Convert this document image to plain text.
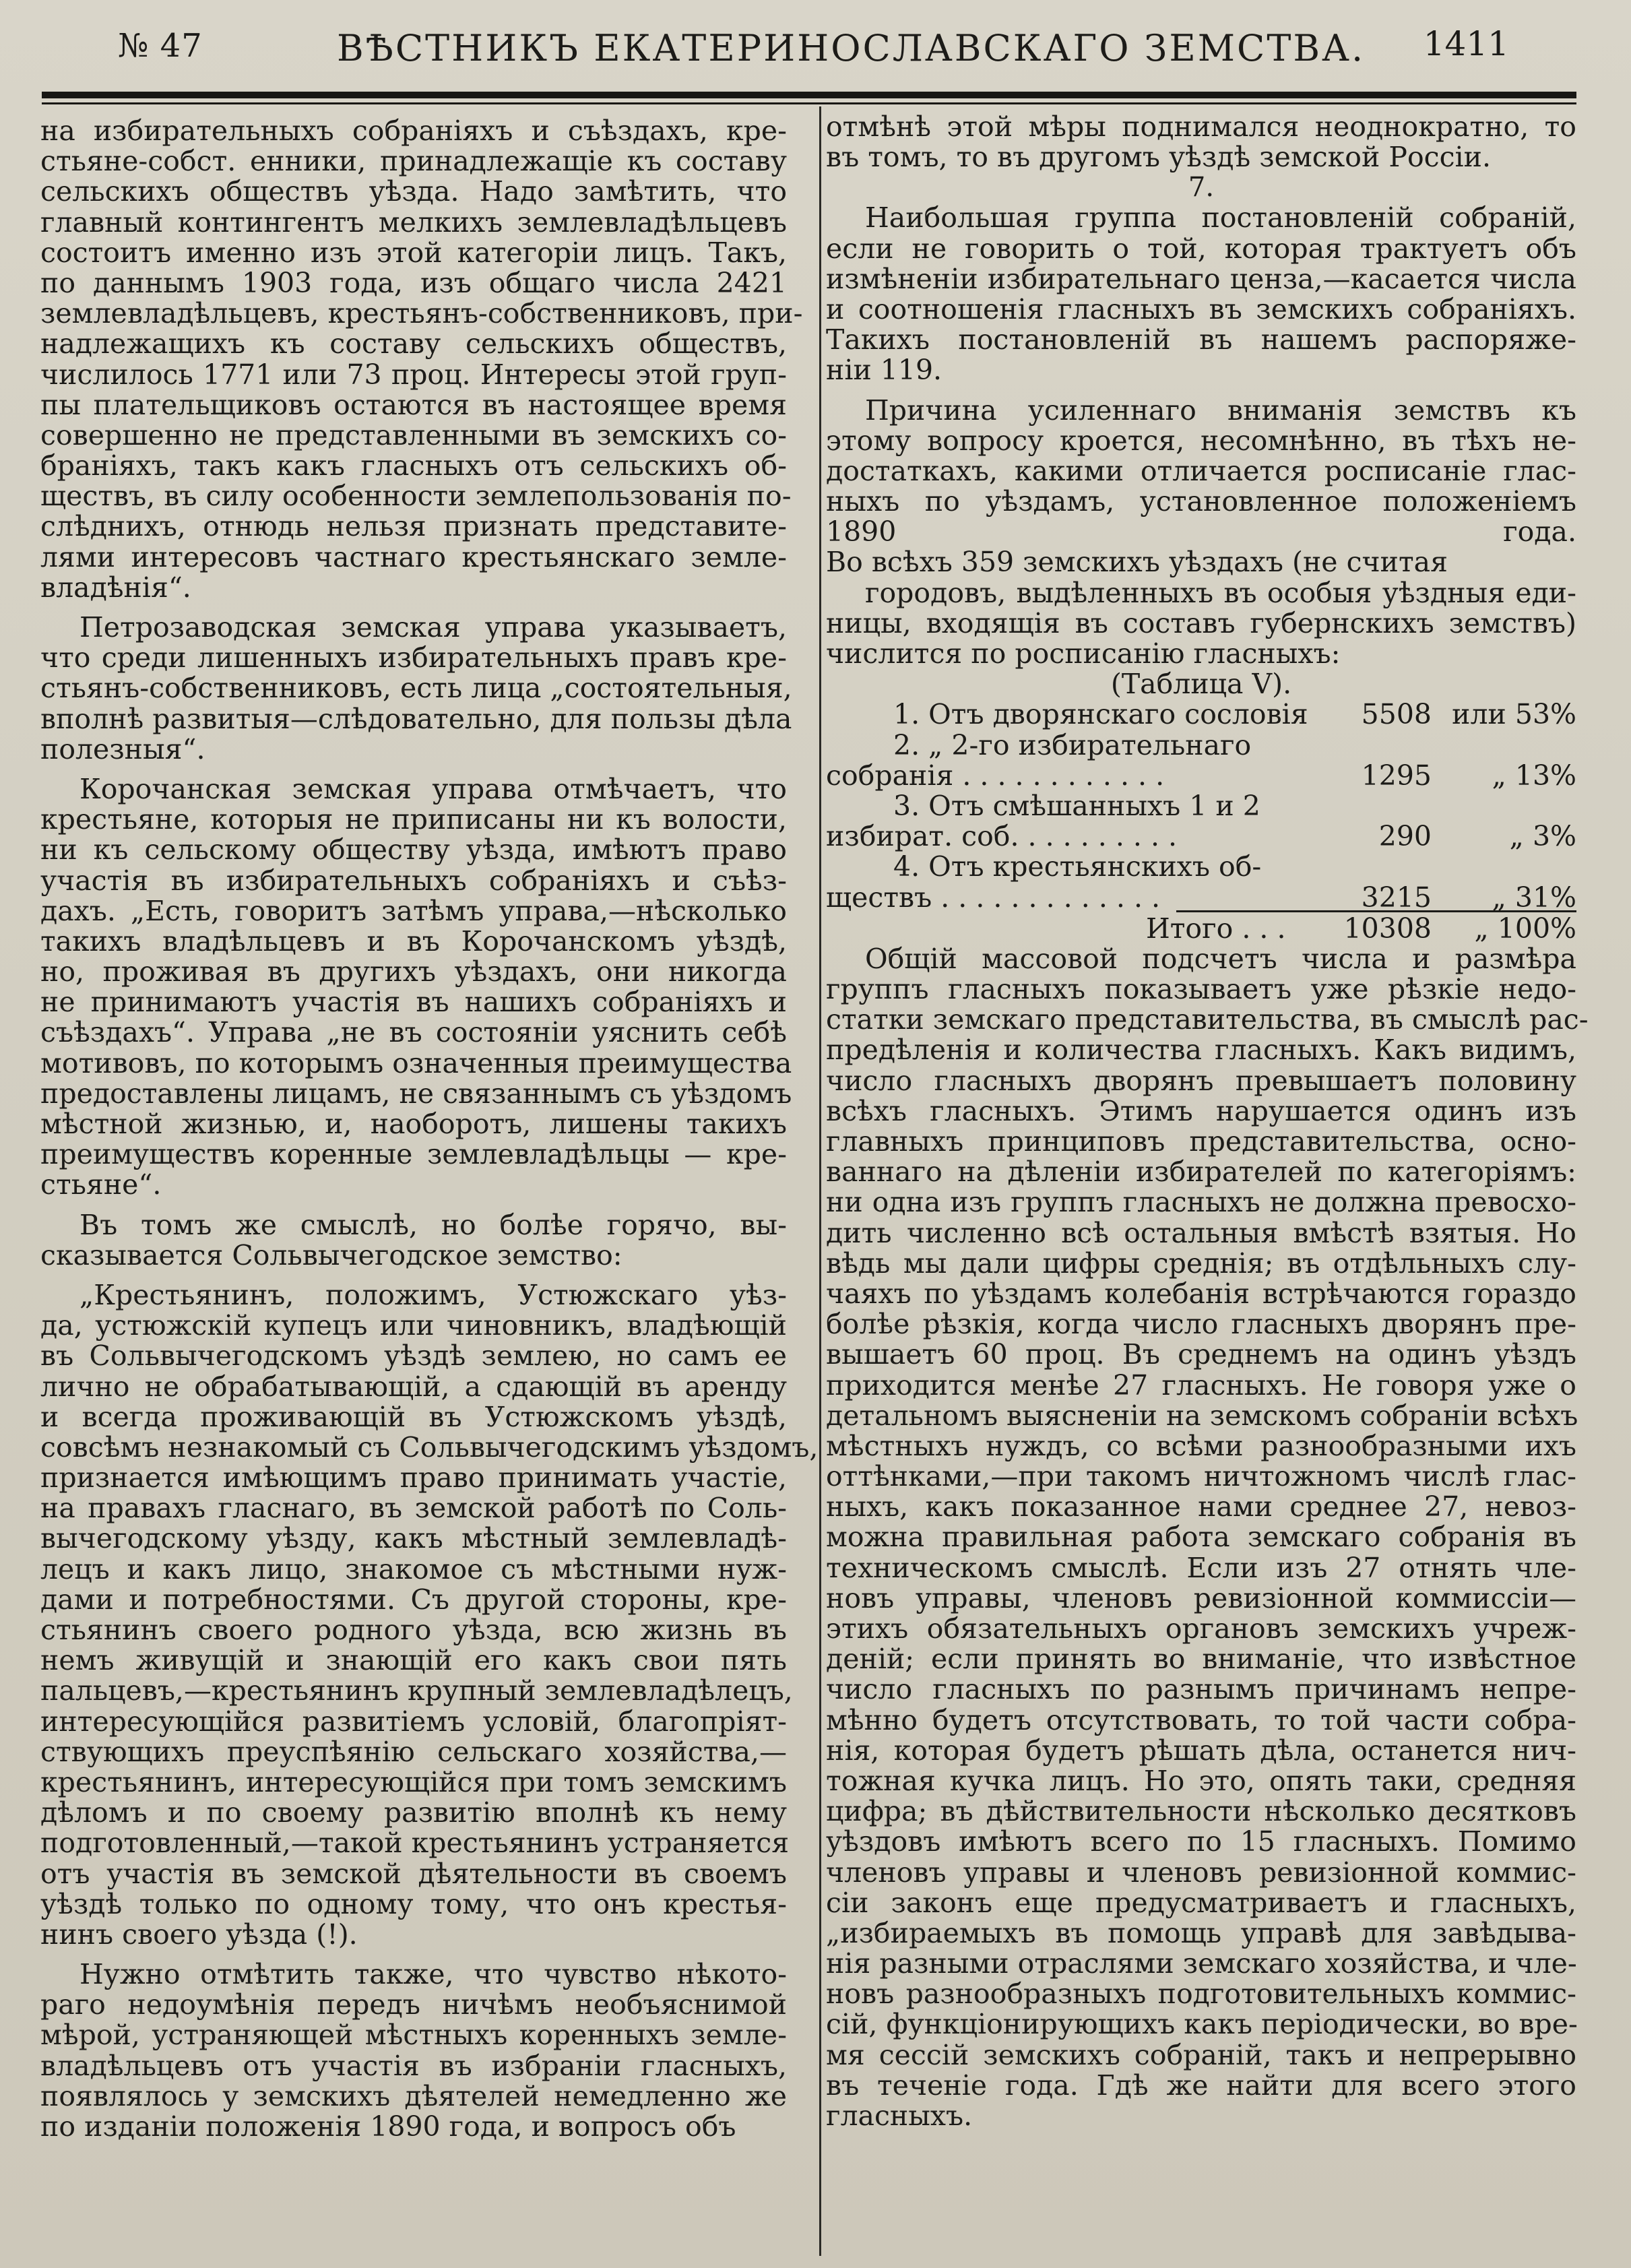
№ 47	ВѢСТНИКЪ ЕКАТЕРИНОСЛАВСКАГО ЗЕМСТВА. 1411
на избирательныхъ собраніяхъ и съѣздахъ, кре-
стьяне-собст. енники, принадлежащіе къ составу
сельскихъ обществъ уѣзда. Надо замѣтить, что
главный контингентъ мелкихъ землевладѣльцевъ
состоитъ именно изъ этой категоріи лицъ. Такъ,
по даннымъ 1903 года, изъ общаго числа 2421
землевладѣльцевъ, крестьянъ-собственниковъ, при-
надлежащихъ къ составу сельскихъ обществъ,
числилось 1771 или 73 проц. Интересы этой груп-
пы плательщиковъ остаются въ настоящее время
совершенно не представленными въ земскихъ со-
браніяхъ, такъ какъ гласныхъ отъ сельскихъ об-
ществъ, въ силу особенности землепользованія по-
слѣднихъ, отнюдь нельзя признать представите-
лями интересовъ частнаго крестьянскаго земле-
владѣнія“.
Петрозаводская земская управа указываетъ,
что среди лишенныхъ избирательныхъ правъ кре-
стьянъ-собственниковъ, есть лица „состоятельныя,
вполнѣ развитыя—слѣдовательно, для пользы дѣла
полезныя“.
Корочанская земская управа отмѣчаетъ, что
крестьяне, которыя не приписаны ни къ волости,
ни къ сельскому обществу уѣзда, имѣютъ право
участія въ избирательныхъ собраніяхъ и съѣз-
дахъ. „Есть, говоритъ затѣмъ управа,—нѣсколько
такихъ владѣльцевъ и въ Корочанскомъ уѣздѣ,
но, проживая въ другихъ уѣздахъ, они никогда
не принимаютъ участія въ нашихъ собраніяхъ и
съѣздахъ“. Управа „не въ состояніи уяснить себѣ
мотивовъ, по которымъ означенныя преимущества
предоставлены лицамъ, не связаннымъ съ уѣздомъ
мѣстной жизнью, и, наоборотъ, лишены такихъ
преимуществъ коренные землевладѣльцы — кре-
стьяне“.
Въ томъ же смыслѣ, но болѣе горячо, вы-
сказывается Сольвычегодское земство:
„Крестьянинъ, положимъ, Устюжскаго уѣз-
да, устюжскій купецъ или чиновникъ, владѣющій
въ Сольвычегодскомъ уѣздѣ землею, но самъ ее
лично не обрабатывающій, а сдающій въ аренду
и всегда проживающій въ Устюжскомъ уѣздѣ,
совсѣмъ незнакомый съ Сольвычегодскимъ уѣздомъ,
признается имѣющимъ право принимать участіе,
на правахъ гласнаго, въ земской работѣ по Соль-
вычегодскому уѣзду, какъ мѣстный землевладѣ-
лецъ и какъ лицо, знакомое съ мѣстными нуж-
дами и потребностями. Съ другой стороны, кре-
стьянинъ своего родного уѣзда, всю жизнь въ
немъ живущій и знающій его какъ свои пять
пальцевъ,—крестьянинъ крупный землевладѣлецъ,
интересующійся развитіемъ условій, благопріят-
ствующихъ преуспѣянію сельскаго хозяйства,—
крестьянинъ, интересующійся при томъ земскимъ
дѣломъ и по своему развитію вполнѣ къ нему
подготовленный,—такой крестьянинъ устраняется
отъ участія въ земской дѣятельности въ своемъ
уѣздѣ только по одному тому, что онъ крестья-
нинъ своего уѣзда (!).
Нужно отмѣтить также, что чувство нѣкото-
раго недоумѣнія передъ ничѣмъ необъяснимой
мѣрой, устраняющей мѣстныхъ коренныхъ земле-
владѣльцевъ отъ участія въ избраніи гласныхъ,
появлялось у земскихъ дѣятелей немедленно же
по изданіи положенія 1890 года, и вопросъ объ
отмѣнѣ этой мѣры поднимался неоднократно, то
въ томъ, то въ другомъ уѣздѣ земской Россіи.
7.
Наибольшая группа постановленій собраній,
если не говорить о той, которая трактуетъ объ
измѣненіи избирательнаго ценза,—касается числа
и соотношенія гласныхъ въ земскихъ собраніяхъ.
Такихъ постановленій въ нашемъ распоряже-
ніи 119.
Причина усиленнаго вниманія земствъ къ
этому вопросу кроется, несомнѣнно, въ тѣхъ не-
достаткахъ, какими отличается росписаніе глас-
ныхъ по уѣздамъ, установленное положеніемъ
1890 года.
Во всѣхъ 359 земскихъ уѣздахъ (не считая
городовъ, выдѣленныхъ въ особыя уѣздныя еди-
ницы, входящія въ составъ губернскихъ земствъ)
числится по росписанію гласныхъ:
(Таблица V).
1. Отъ дворянскаго сословія	5508 или 53%
2. „ 2-го избирательнаго
собранія . . . . . . . . . . . .	1295	„ 13%
3. Отъ смѣшанныхъ 1 и 2
избират. соб. . . . . . . . . .	290	„ 3%
4. Отъ крестьянскихъ об-
ществъ . . . . . . . . . . . . .	3215	„ 31%
Итого . . .	10308	„ 100%
Общій массовой подсчетъ числа и размѣра
группъ гласныхъ показываетъ уже рѣзкіе недо-
статки земскаго представительства, въ смыслѣ рас-
предѣленія и количества гласныхъ. Какъ видимъ,
число гласныхъ дворянъ превышаетъ половину
всѣхъ гласныхъ. Этимъ нарушается одинъ изъ
главныхъ принциповъ представительства, осно-
ваннаго на дѣленіи избирателей по категоріямъ:
ни одна изъ группъ гласныхъ не должна превосхо-
дить численно всѣ остальныя вмѣстѣ взятыя. Но
вѣдь мы дали цифры среднія; въ отдѣльныхъ слу-
чаяхъ по уѣздамъ колебанія встрѣчаются гораздо
болѣе рѣзкія, когда число гласныхъ дворянъ пре-
вышаетъ 60 проц. Въ среднемъ на одинъ уѣздъ
приходится менѣе 27 гласныхъ. Не говоря уже о
детальномъ выясненіи на земскомъ собраніи всѣхъ
мѣстныхъ нуждъ, со всѣми разнообразными ихъ
оттѣнками,—при такомъ ничтожномъ числѣ глас-
ныхъ, какъ показанное нами среднее 27, невоз-
можна правильная работа земскаго собранія въ
техническомъ смыслѣ. Если изъ 27 отнять чле-
новъ управы, членовъ ревизіонной коммиссіи—
этихъ обязательныхъ органовъ земскихъ учреж-
деній; если принять во вниманіе, что извѣстное
число гласныхъ по разнымъ причинамъ непре-
мѣнно будетъ отсутствовать, то той части собра-
нія, которая будетъ рѣшать дѣла, останется нич-
тожная кучка лицъ. Но это, опять таки, средняя
цифра; въ дѣйствительности нѣсколько десятковъ
уѣздовъ имѣютъ всего по 15 гласныхъ. Помимо
членовъ управы и членовъ ревизіонной коммис-
сіи законъ еще предусматриваетъ и гласныхъ,
„избираемыхъ въ помощь управѣ для завѣдыва-
нія разными отраслями земскаго хозяйства, и чле-
новъ разнообразныхъ подготовительныхъ коммис-
сій, функціонирующихъ какъ періодически, во вре-
мя сессій земскихъ собраній, такъ и непрерывно
въ теченіе года. Гдѣ же найти для всего этого
гласныхъ.
